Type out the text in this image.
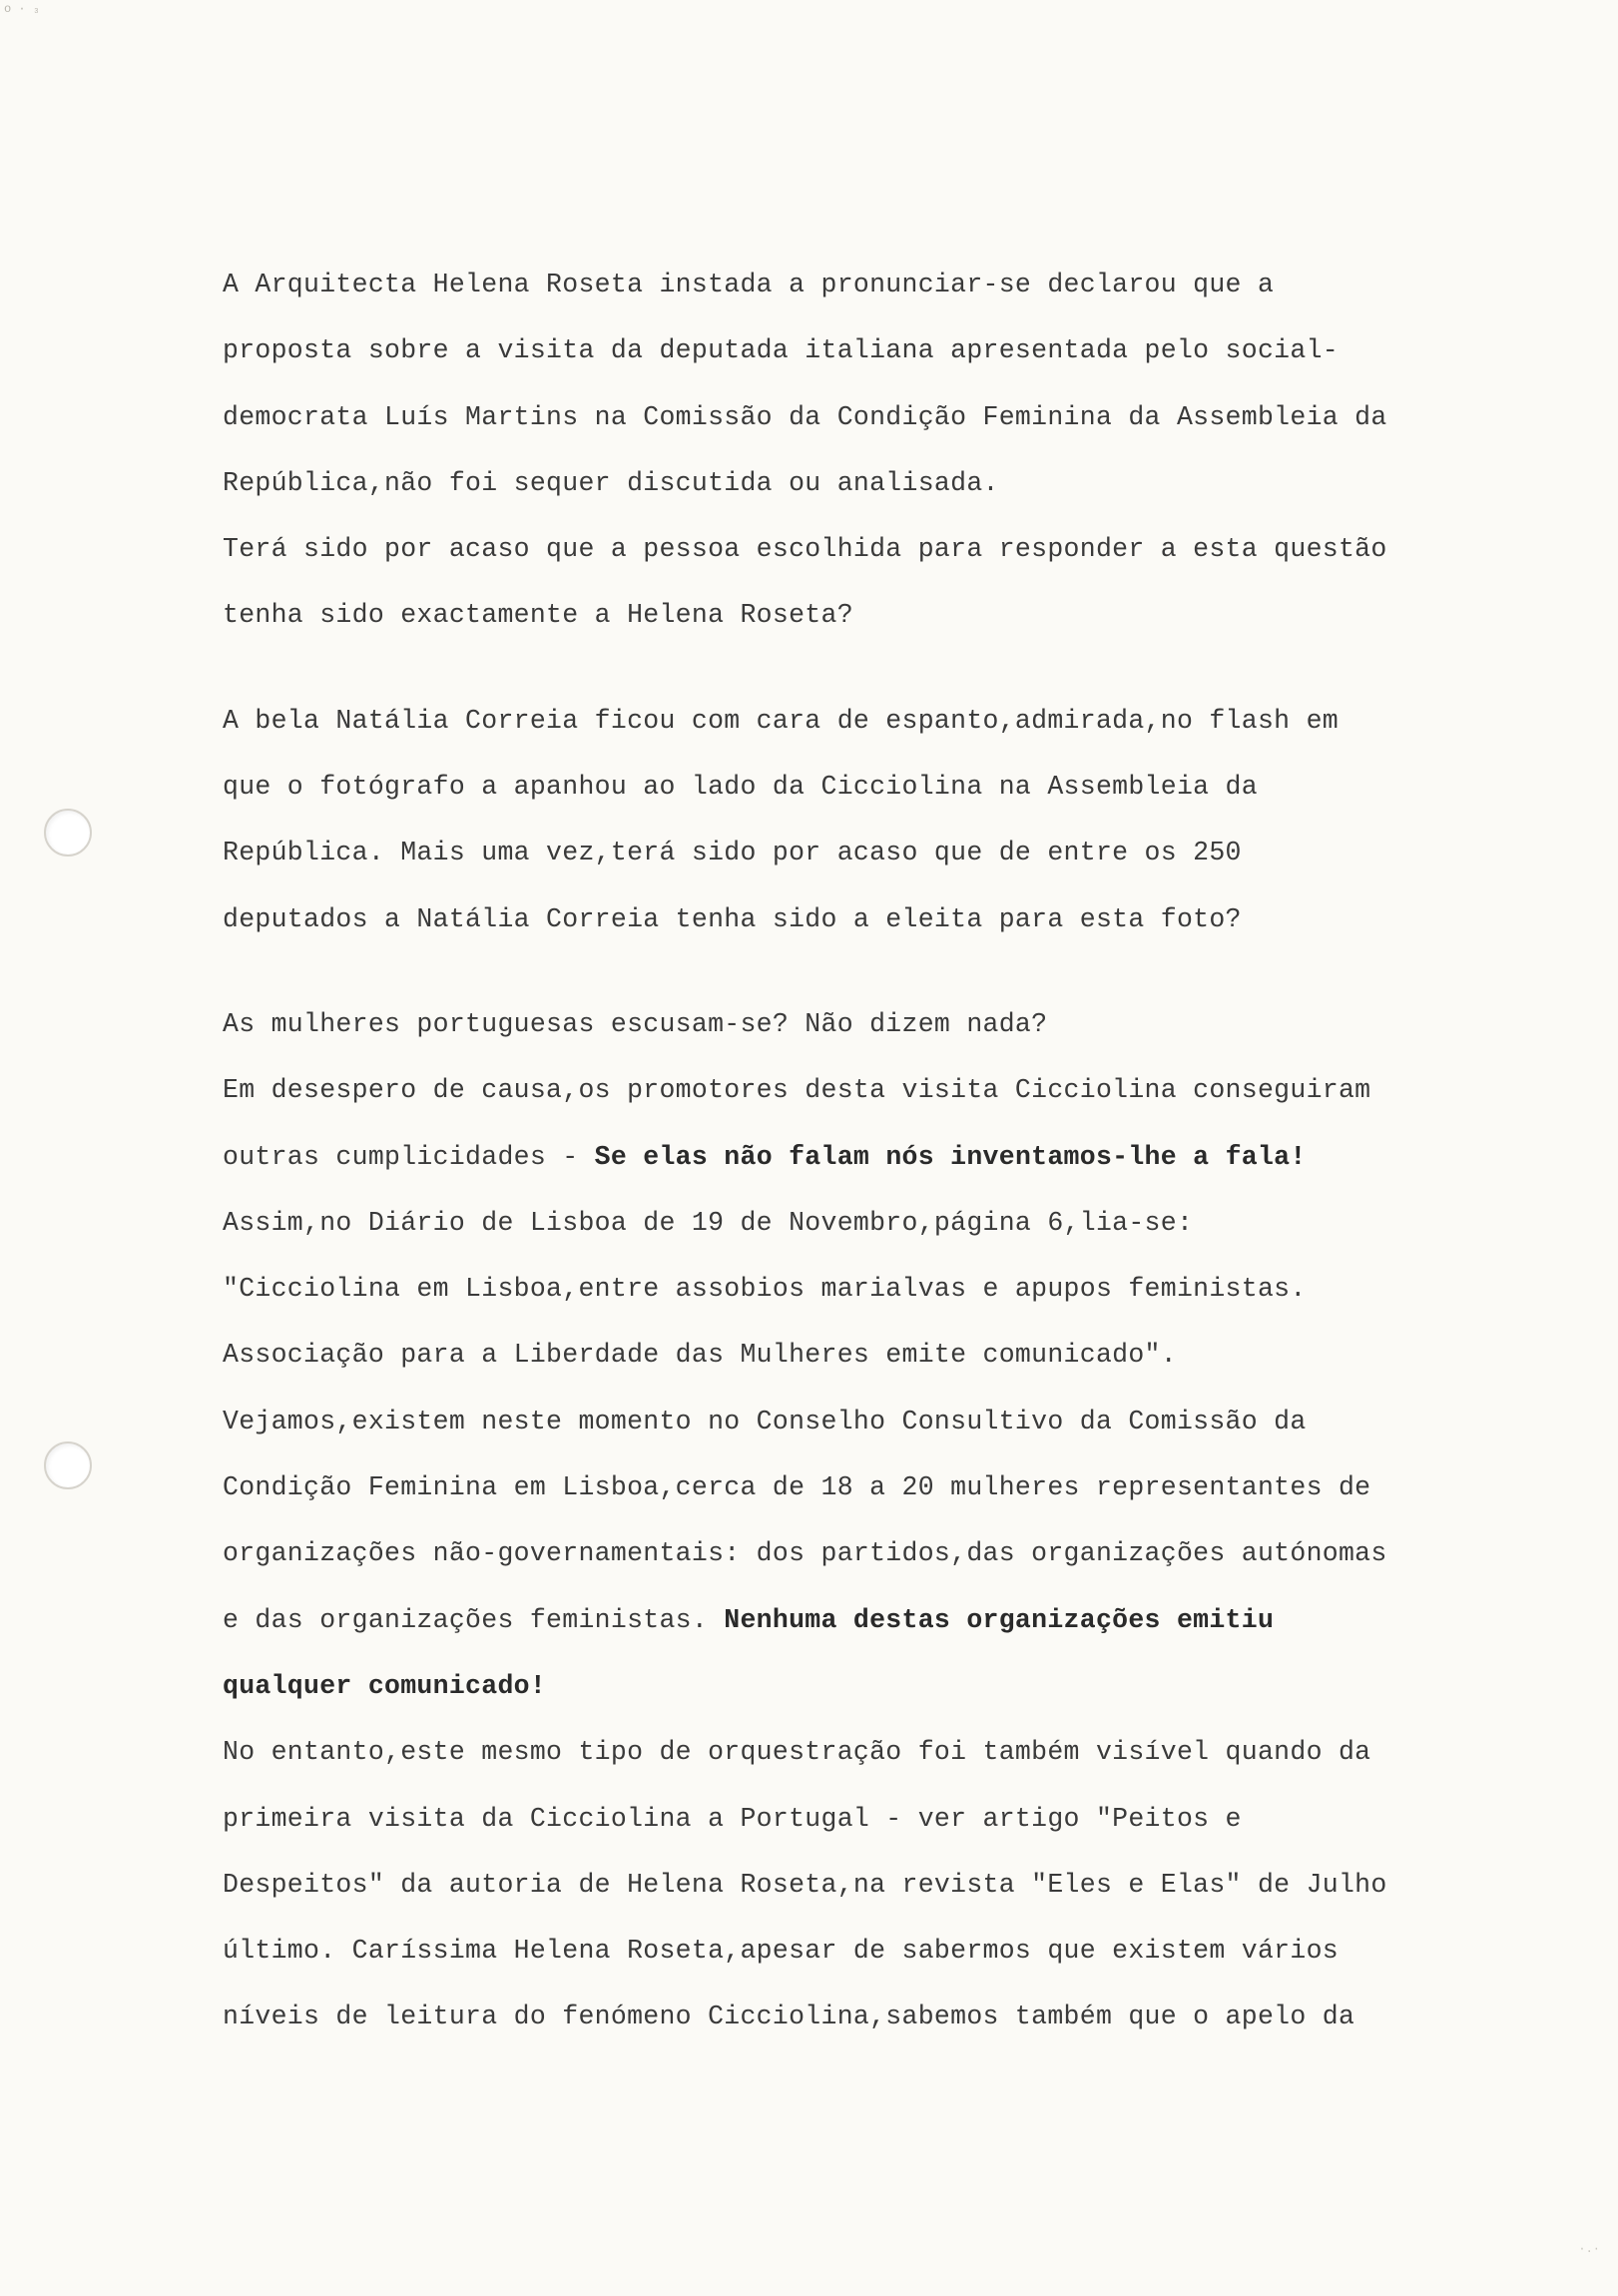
o · ₃
·.·
A Arquitecta Helena Roseta instada a pronunciar-se declarou que a
proposta sobre a visita da deputada italiana apresentada pelo social-
democrata Luís Martins na Comissão da Condição Feminina da Assembleia da
República,não foi sequer discutida ou analisada.
Terá sido por acaso que a pessoa escolhida para responder a esta questão
tenha sido exactamente a Helena Roseta?
A bela Natália Correia ficou com cara de espanto,admirada,no flash em
que o fotógrafo a apanhou ao lado da Cicciolina na Assembleia da
República. Mais uma vez,terá sido por acaso que de entre os 250
deputados a Natália Correia tenha sido a eleita para esta foto?
As mulheres portuguesas escusam-se? Não dizem nada?
Em desespero de causa,os promotores desta visita Cicciolina conseguiram
outras cumplicidades - Se elas não falam nós inventamos-lhe a fala!
Assim,no Diário de Lisboa de 19 de Novembro,página 6,lia-se:
"Cicciolina em Lisboa,entre assobios marialvas e apupos feministas.
Associação para a Liberdade das Mulheres emite comunicado".
Vejamos,existem neste momento no Conselho Consultivo da Comissão da
Condição Feminina em Lisboa,cerca de 18 a 20 mulheres representantes de
organizações não-governamentais: dos partidos,das organizações autónomas
e das organizações feministas. Nenhuma destas organizações emitiu
qualquer comunicado!
No entanto,este mesmo tipo de orquestração foi também visível quando da
primeira visita da Cicciolina a Portugal - ver artigo "Peitos e
Despeitos" da autoria de Helena Roseta,na revista "Eles e Elas" de Julho
último. Caríssima Helena Roseta,apesar de sabermos que existem vários
níveis de leitura do fenómeno Cicciolina,sabemos também que o apelo da
